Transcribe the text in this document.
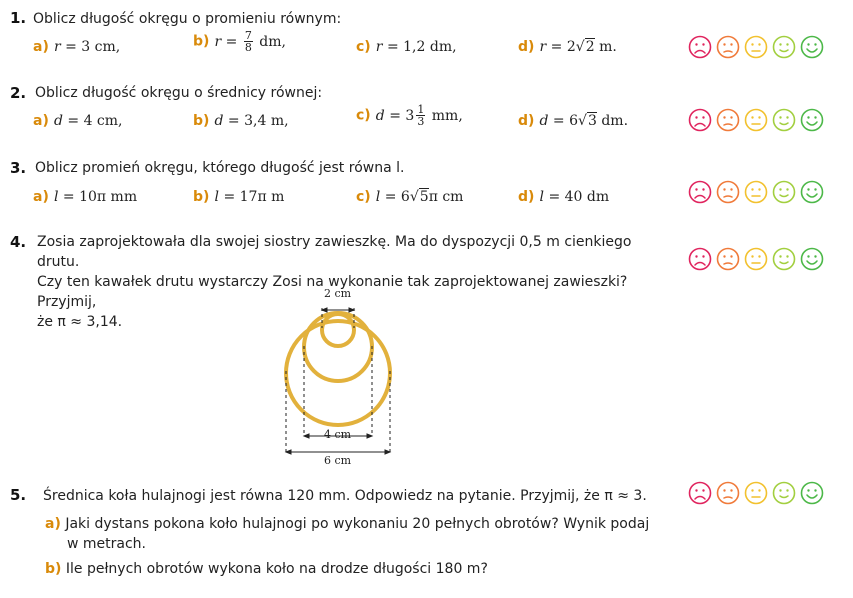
1. Oblicz długość okręgu o promieniu równym:
a) r = 3 cm,	b) $r = \frac{7}{8}$ dm,	c) r = 1,2 dm,	d) r = 2√2 m.
2. Oblicz długość okręgu o średnicy równej:
a) d = 4 cm,	b) d = 3,4 m,	c) $d = 3 \frac{1}{3}$ mm,	d) d = 6√3 dm.
3. Oblicz promień okręgu, którego długość jest równa l.
a) l = 10π mm	b) l = 17π m	c) l = 6√5π cm	d) l = 40 dm
4. Zosia zaprojektowała dla swojej siostry zawieszkę. Ma do dyspozycji 0,5 m cienkiego drutu.
Czy ten kawałek drutu wystarczy Zosi na wykonanie tak zaprojektowanej zawieszki? Przyjmij,
że π ≈ 3,14.
2 cm
4 cm
6 cm
5. Średnica koła hulajnogi jest równa 120 mm. Odpowiedz na pytanie. Przyjmij, że π ≈ 3.
a) Jaki dystans pokona koło hulajnogi po wykonaniu 20 pełnych obrotów? Wynik podaj
w metrach.
b) Ile pełnych obrotów wykona koło na drodze długości 180 m?
